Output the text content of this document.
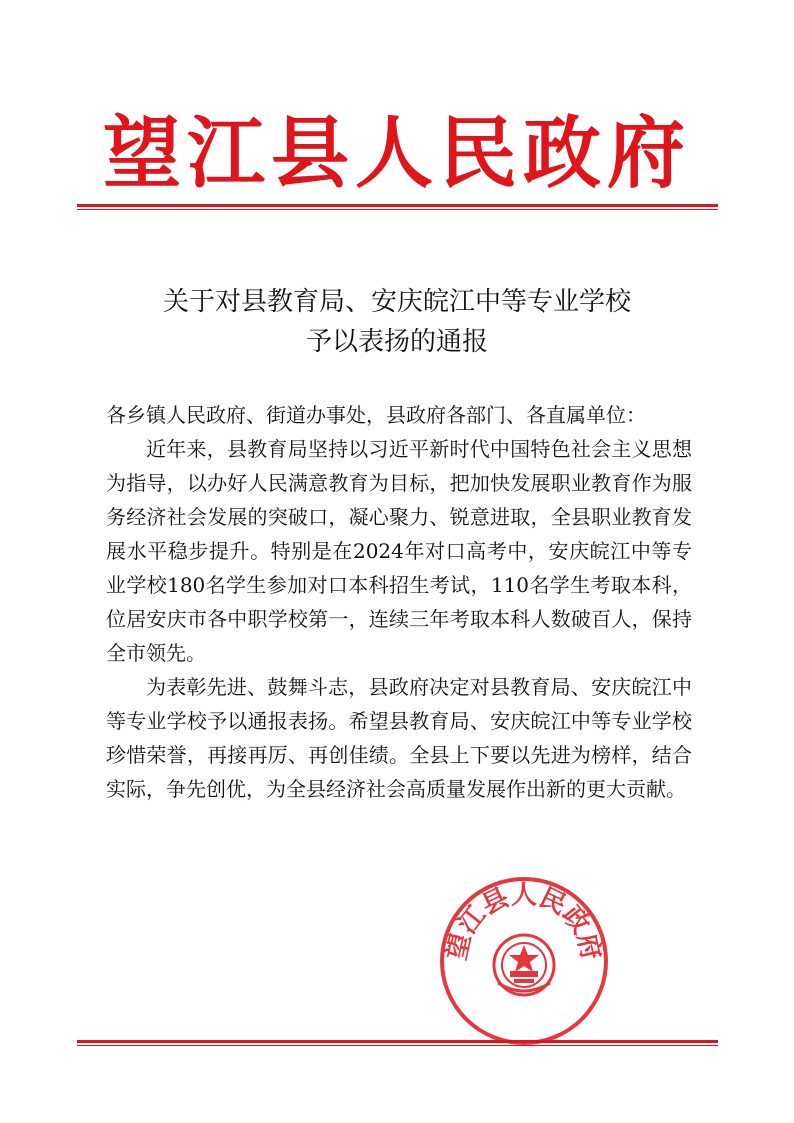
望江县人民政府
关于对县教育局、安庆皖江中等专业学校
予以表扬的通报

各乡镇人民政府、街道办事处，县政府各部门、各直属单位：

近年来，县教育局坚持以习近平新时代中国特色社会主义思想为指导，以办好人民满意教育为目标，把加快发展职业教育作为服务经济社会发展的突破口，凝心聚力、锐意进取，全县职业教育发展水平稳步提升。特别是在2024年对口高考中，安庆皖江中等专业学校180名学生参加对口本科招生考试，110名学生考取本科，位居安庆市各中职学校第一，连续三年考取本科人数破百人，保持全市领先。

为表彰先进、鼓舞斗志，县政府决定对县教育局、安庆皖江中等专业学校予以通报表扬。希望县教育局、安庆皖江中等专业学校珍惜荣誉，再接再厉、再创佳绩。全县上下要以先进为榜样，结合实际，争先创优，为全县经济社会高质量发展作出新的更大贡献。

望江县人民政府
